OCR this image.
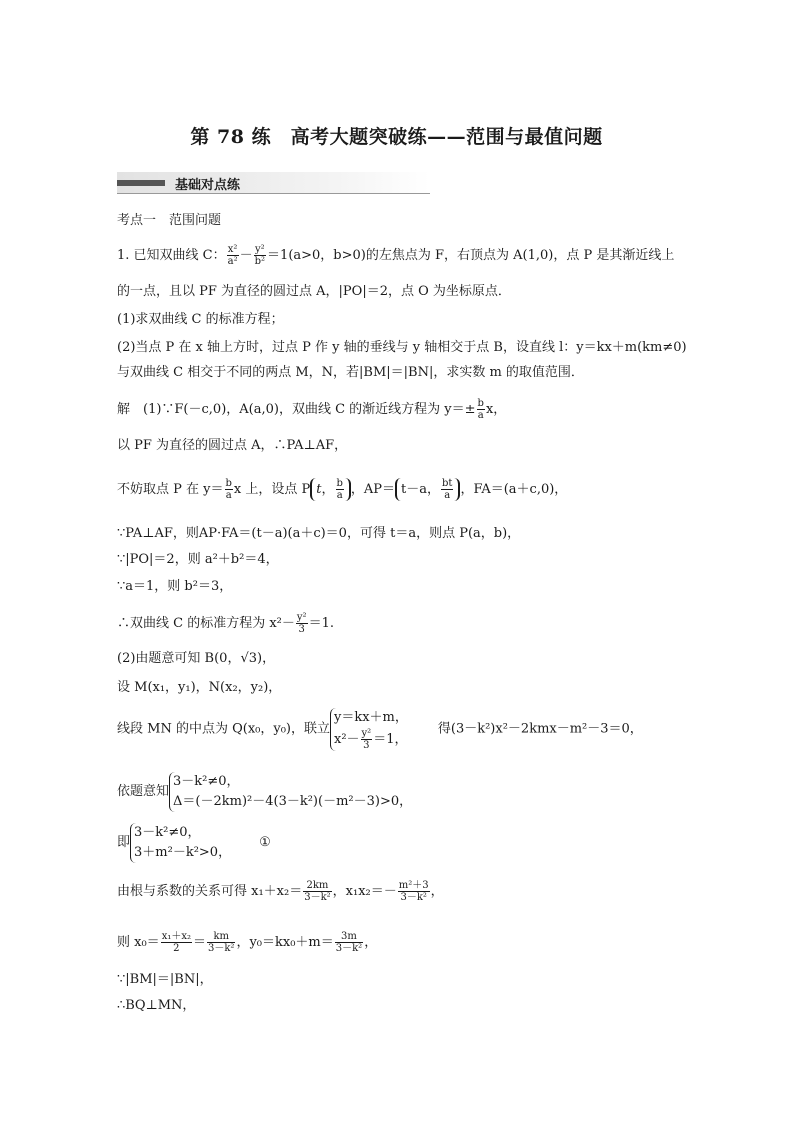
第 78 练　高考大题突破练——范围与最值问题
基础对点练
考点一　范围问题
1. 已知双曲线 C： $\frac{\text{x²}}{\text{a²}} - \frac{\text{y²}}{\text{b²}} =1(a>0$，b>0)的左焦点为 F，右顶点为 A(1,0)，点 P 是其渐近线上
的一点，且以 PF 为直径的圆过点 A，|PO|＝2，点 O 为坐标原点．
(1)求双曲线 C 的标准方程；
(2)当点 P 在 x 轴上方时，过点 P 作 y 轴的垂线与 y 轴相交于点 B，设直线 l：y＝kx＋m(km≠0)
与双曲线 C 相交于不同的两点 M，N，若|BM|＝|BN|，求实数 m 的取值范围．
解　(1)∵F(－c,0)，A(a,0)，双曲线 C 的渐近线方程为 $y=\pm \frac{b}{a}$ x，
以 PF 为直径的圆过点 A，∴PA⊥AF，
不妨取点 P 在 $y= \frac{b}{a}$ x 上，设点 P t， $\frac{b}{a}$ ，AP＝ t－a， $\frac{bt}{a}$ ，FA＝(a＋c,0)，
∵PA⊥AF，则AP·FA＝(t－a)(a＋c)＝0，可得 t＝a，则点 P(a，b)，
∵|PO|＝2，则 a²＋b²＝4，
∵a＝1，则 b²＝3，
∴双曲线 C 的标准方程为 $x^2- \frac{\text{y²}}{3} =1$.
(2)由题意可知 B(0，√3)，
设 M(x₁，y₁)，N(x₂，y₂)，
线段 MN 的中点为 Q(x₀，y₀)，联立
y＝kx＋m，
$x^2- \frac{\text{y²}}{3} =1$，
得(3－k²)x²－2kmx－m²－3＝0，
依题意知
3－k²≠0，
Δ＝(－2km)²－4(3－k²)(－m²－3)>0，
即
3－k²≠0，
3＋m²－k²>0，
①
由根与系数的关系可得 $x_1+x_2= \frac{2km}{\text{3－k²}}$ ，$x_1x_2=- \frac{\text{m²＋3}}{\text{3－k²}}$ ，
则 $x_0= \frac{\text{x₁＋x₂}}{2} = \frac{km}{\text{3－k²}}$ ，$y_0=kx_0+m= \frac{3m}{\text{3－k²}}$ ，
∵|BM|＝|BN|，
∴BQ⊥MN，
